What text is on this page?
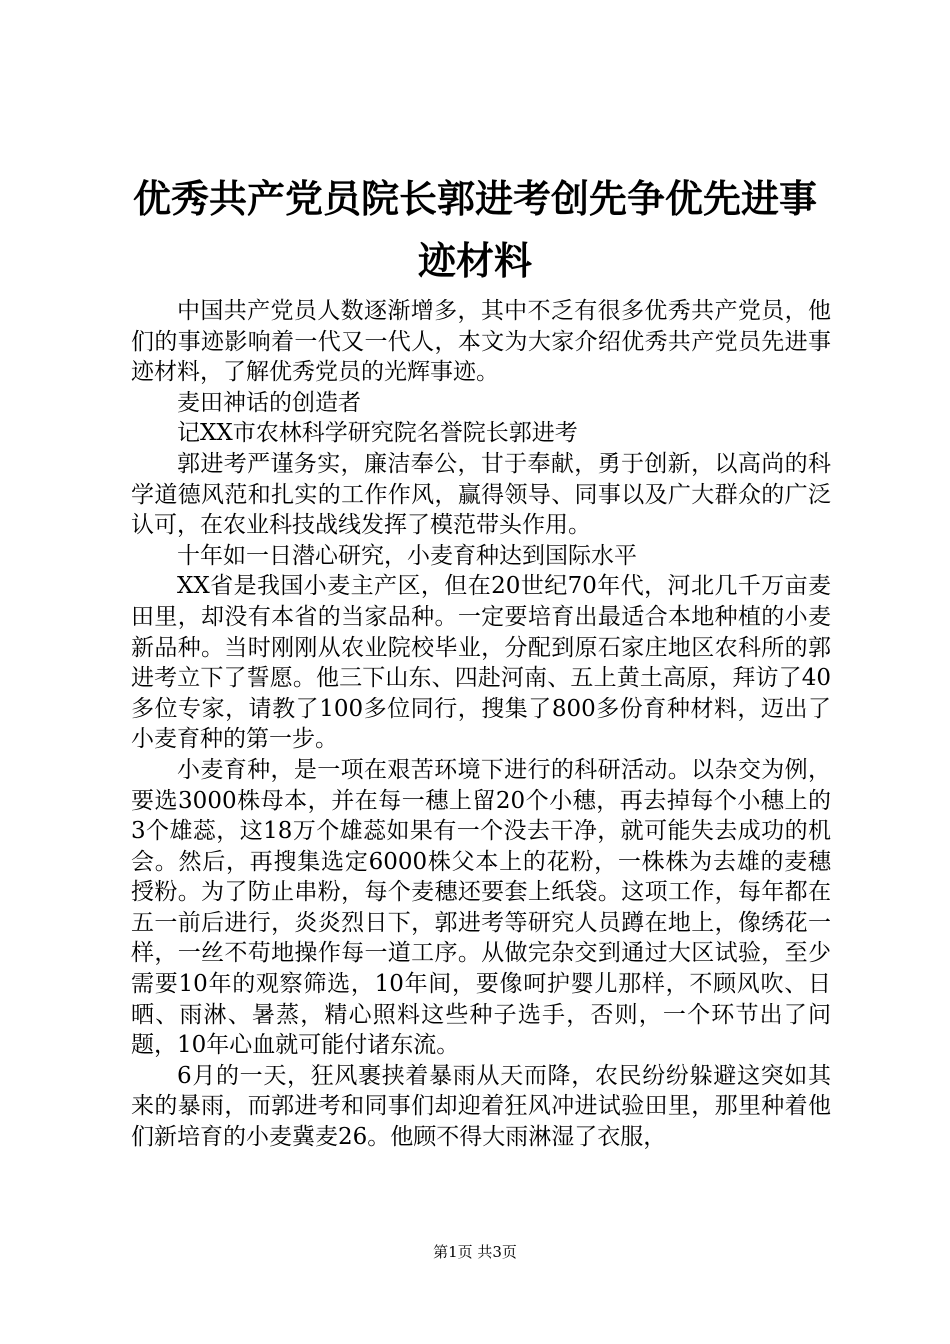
优秀共产党员院长郭进考创先争优先进事迹材料

中国共产党员人数逐渐增多，其中不乏有很多优秀共产党员，他们的事迹影响着一代又一代人，本文为大家介绍优秀共产党员先进事迹材料，了解优秀党员的光辉事迹。

麦田神话的创造者

记XX市农林科学研究院名誉院长郭进考

郭进考严谨务实，廉洁奉公，甘于奉献，勇于创新，以高尚的科学道德风范和扎实的工作作风，赢得领导、同事以及广大群众的广泛认可，在农业科技战线发挥了模范带头作用。

十年如一日潜心研究，小麦育种达到国际水平

XX省是我国小麦主产区，但在20世纪70年代，河北几千万亩麦田里，却没有本省的当家品种。一定要培育出最适合本地种植的小麦新品种。当时刚刚从农业院校毕业，分配到原石家庄地区农科所的郭进考立下了誓愿。他三下山东、四赴河南、五上黄土高原，拜访了40多位专家，请教了100多位同行，搜集了800多份育种材料，迈出了小麦育种的第一步。

小麦育种，是一项在艰苦环境下进行的科研活动。以杂交为例，要选3000株母本，并在每一穗上留20个小穗，再去掉每个小穗上的3个雄蕊，这18万个雄蕊如果有一个没去干净，就可能失去成功的机会。然后，再搜集选定6000株父本上的花粉，一株株为去雄的麦穗授粉。为了防止串粉，每个麦穗还要套上纸袋。这项工作，每年都在五一前后进行，炎炎烈日下，郭进考等研究人员蹲在地上，像绣花一样，一丝不苟地操作每一道工序。从做完杂交到通过大区试验，至少需要10年的观察筛选，10年间，要像呵护婴儿那样，不顾风吹、日晒、雨淋、暑蒸，精心照料这些种子选手，否则，一个环节出了问题，10年心血就可能付诸东流。

6月的一天，狂风裹挟着暴雨从天而降，农民纷纷躲避这突如其来的暴雨，而郭进考和同事们却迎着狂风冲进试验田里，那里种着他们新培育的小麦冀麦26。他顾不得大雨淋湿了衣服，

第1页 共3页
